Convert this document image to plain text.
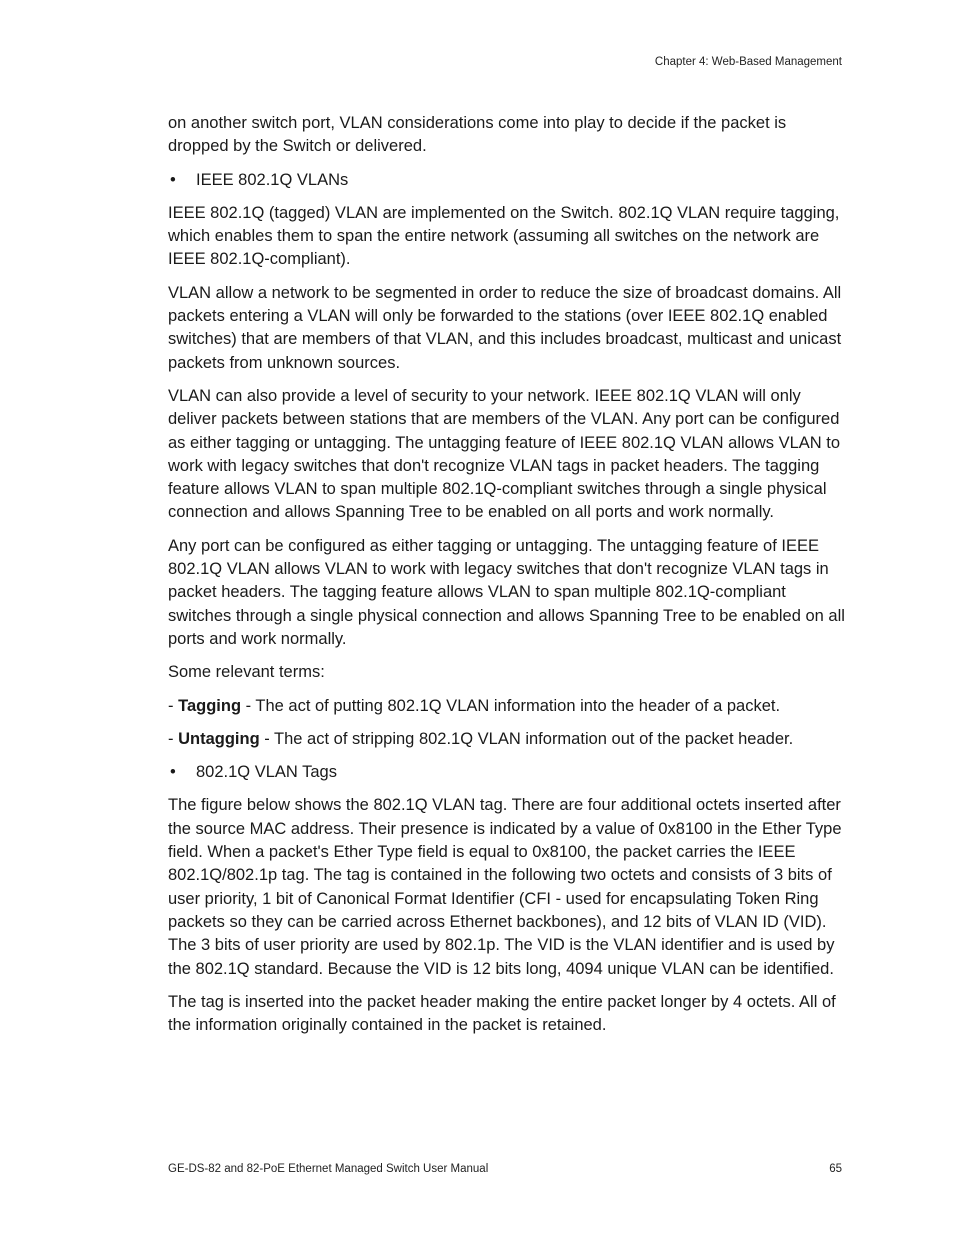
Chapter 4: Web-Based Management

on another switch port, VLAN considerations come into play to decide if the packet is dropped by the Switch or delivered.

• IEEE 802.1Q VLANs

IEEE 802.1Q (tagged) VLAN are implemented on the Switch. 802.1Q VLAN require tagging, which enables them to span the entire network (assuming all switches on the network are IEEE 802.1Q-compliant).

VLAN allow a network to be segmented in order to reduce the size of broadcast domains. All packets entering a VLAN will only be forwarded to the stations (over IEEE 802.1Q enabled switches) that are members of that VLAN, and this includes broadcast, multicast and unicast packets from unknown sources.

VLAN can also provide a level of security to your network. IEEE 802.1Q VLAN will only deliver packets between stations that are members of the VLAN. Any port can be configured as either tagging or untagging. The untagging feature of IEEE 802.1Q VLAN allows VLAN to work with legacy switches that don't recognize VLAN tags in packet headers. The tagging feature allows VLAN to span multiple 802.1Q-compliant switches through a single physical connection and allows Spanning Tree to be enabled on all ports and work normally.

Any port can be configured as either tagging or untagging. The untagging feature of IEEE 802.1Q VLAN allows VLAN to work with legacy switches that don't recognize VLAN tags in packet headers. The tagging feature allows VLAN to span multiple 802.1Q-compliant switches through a single physical connection and allows Spanning Tree to be enabled on all ports and work normally.

Some relevant terms:

- Tagging - The act of putting 802.1Q VLAN information into the header of a packet.

- Untagging - The act of stripping 802.1Q VLAN information out of the packet header.

• 802.1Q VLAN Tags

The figure below shows the 802.1Q VLAN tag. There are four additional octets inserted after the source MAC address. Their presence is indicated by a value of 0x8100 in the Ether Type field. When a packet's Ether Type field is equal to 0x8100, the packet carries the IEEE 802.1Q/802.1p tag. The tag is contained in the following two octets and consists of 3 bits of user priority, 1 bit of Canonical Format Identifier (CFI - used for encapsulating Token Ring packets so they can be carried across Ethernet backbones), and 12 bits of VLAN ID (VID). The 3 bits of user priority are used by 802.1p. The VID is the VLAN identifier and is used by the 802.1Q standard. Because the VID is 12 bits long, 4094 unique VLAN can be identified.

The tag is inserted into the packet header making the entire packet longer by 4 octets. All of the information originally contained in the packet is retained.

GE-DS-82 and 82-PoE Ethernet Managed Switch User Manual	65
